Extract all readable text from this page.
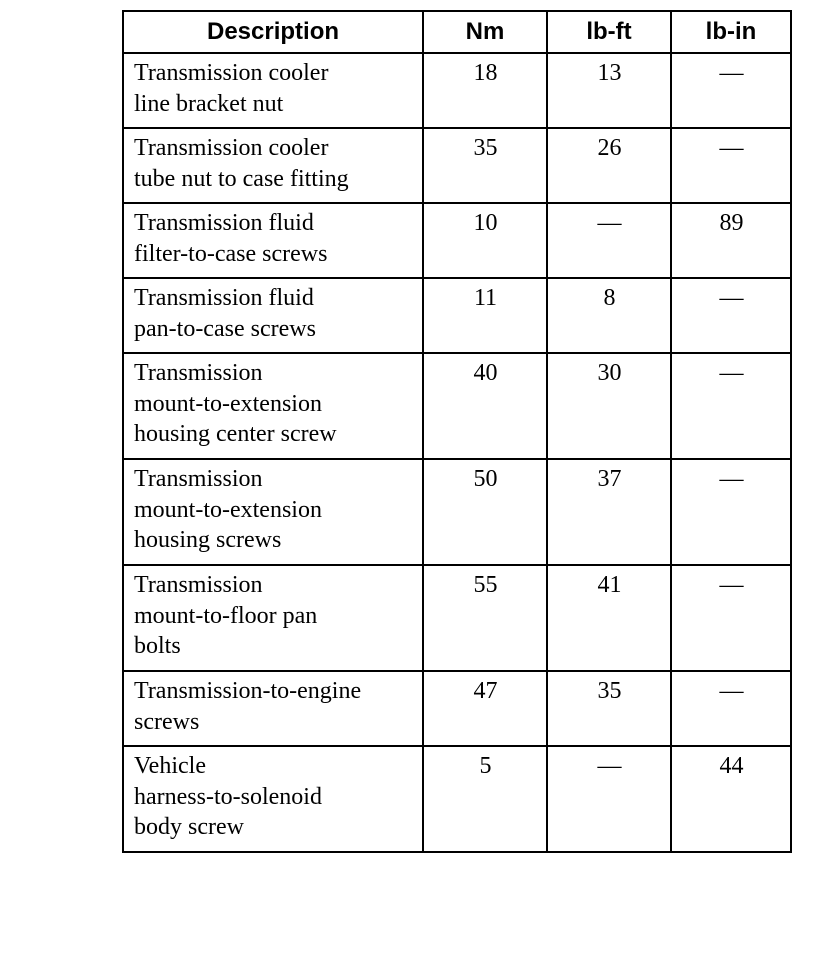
Description	Nm	lb-ft	lb-in

Transmission cooler
line bracket nut	18	13	—

Transmission cooler
tube nut to case fitting	35	26	—

Transmission fluid
filter-to-case screws	10	—	89

Transmission fluid
pan-to-case screws	11	8	—

Transmission
mount-to-extension
housing center screw	40	30	—

Transmission
mount-to-extension
housing screws	50	37	—

Transmission
mount-to-floor pan
bolts	55	41	—

Transmission-to-engine
screws	47	35	—

Vehicle
harness-to-solenoid
body screw	5	—	44
